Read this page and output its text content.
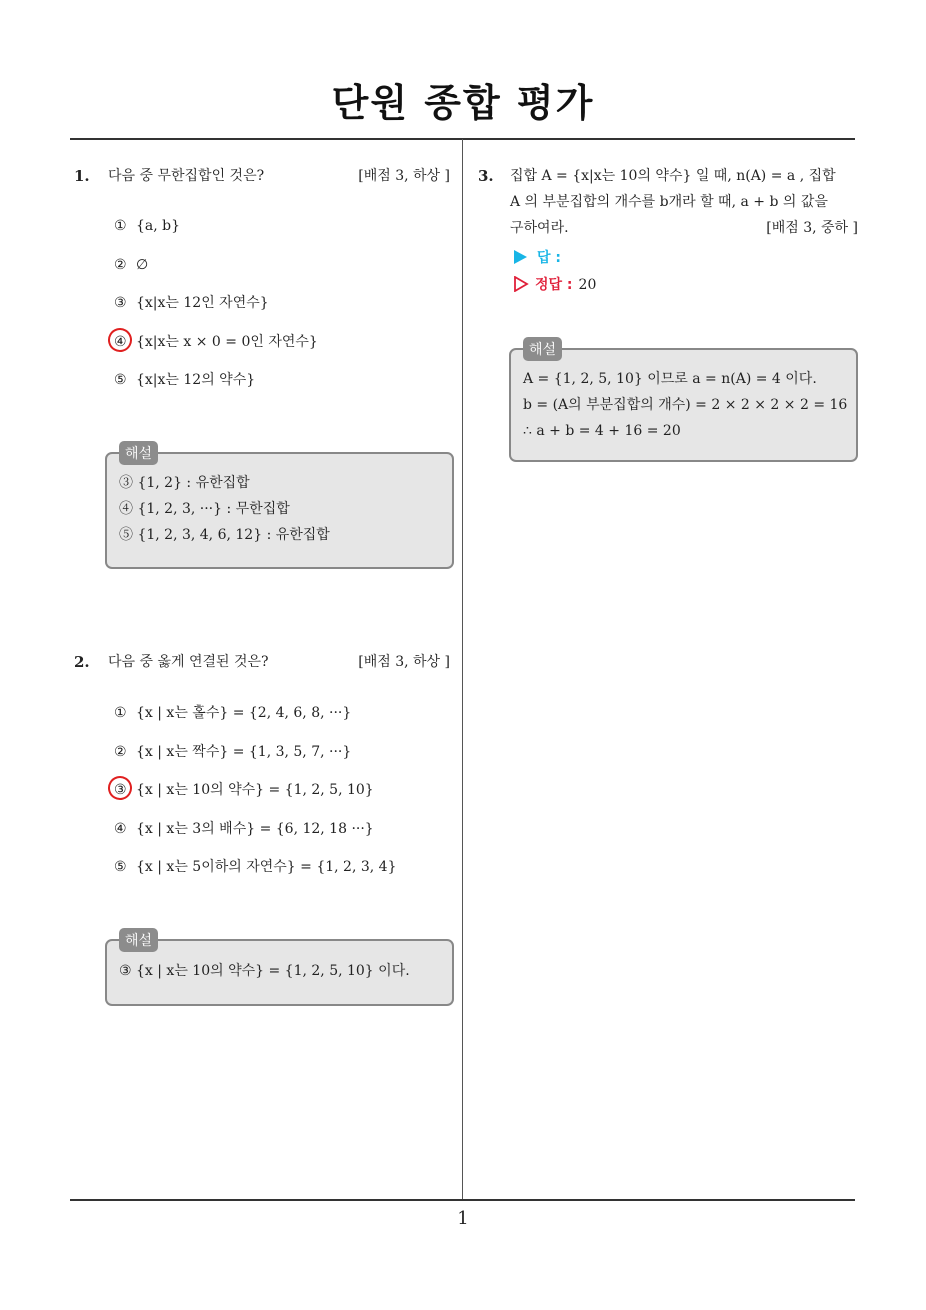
단원 종합 평가
1. 다음 중 무한집합인 것은?	[배점 3, 하상 ]
① {a, b}
② ∅
③ {x|x는 12인 자연수}
④ {x|x는 x × 0 = 0인 자연수}
⑤ {x|x는 12의 약수}
해설
③ {1, 2} : 유한집합
④ {1, 2, 3, ···} : 무한집합
⑤ {1, 2, 3, 4, 6, 12} : 유한집합
2. 다음 중 옳게 연결된 것은?	[배점 3, 하상 ]
① {x | x는 홀수} = {2, 4, 6, 8, ···}
② {x | x는 짝수} = {1, 3, 5, 7, ···}
③ {x | x는 10의 약수} = {1, 2, 5, 10}
④ {x | x는 3의 배수} = {6, 12, 18 ···}
⑤ {x | x는 5이하의 자연수} = {1, 2, 3, 4}
해설
③ {x | x는 10의 약수} = {1, 2, 5, 10} 이다.
3. 집합 A = {x|x는 10의 약수} 일 때, n(A) = a , 집합
A 의 부분집합의 개수를 b개라 할 때, a + b 의 값을
구하여라.	[배점 3, 중하 ]
답 :
정답 : 20
해설
A = {1, 2, 5, 10} 이므로 a = n(A) = 4 이다.
b = (A의 부분집합의 개수) = 2 × 2 × 2 × 2 = 16
∴ a + b = 4 + 16 = 20
1
